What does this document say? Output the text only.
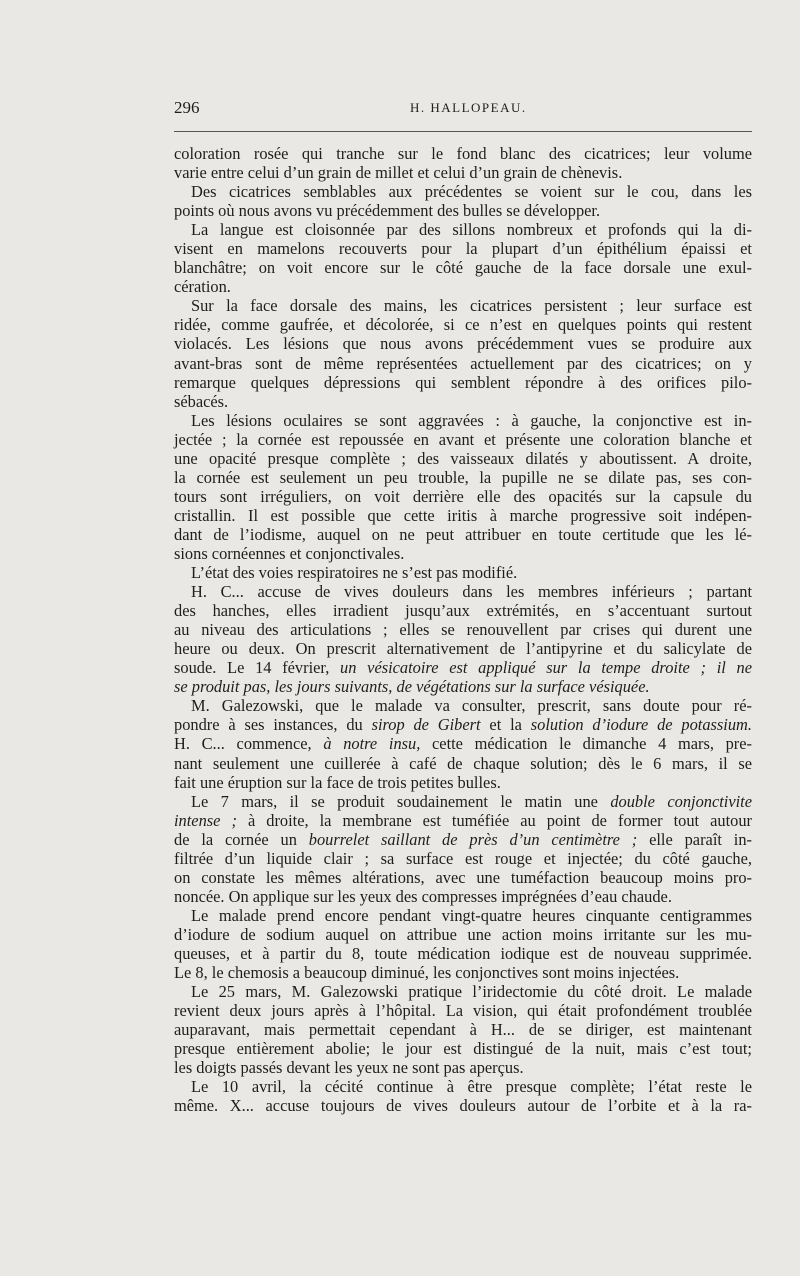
296	H. HALLOPEAU.
coloration rosée qui tranche sur le fond blanc des cicatrices; leur volume
varie entre celui d’un grain de millet et celui d’un grain de chènevis.
Des cicatrices semblables aux précédentes se voient sur le cou, dans les
points où nous avons vu précédemment des bulles se développer.
La langue est cloisonnée par des sillons nombreux et profonds qui la di-
visent en mamelons recouverts pour la plupart d’un épithélium épaissi et
blanchâtre; on voit encore sur le côté gauche de la face dorsale une exul-
cération.
Sur la face dorsale des mains, les cicatrices persistent ; leur surface est
ridée, comme gaufrée, et décolorée, si ce n’est en quelques points qui restent
violacés. Les lésions que nous avons précédemment vues se produire aux
avant-bras sont de même représentées actuellement par des cicatrices; on y
remarque quelques dépressions qui semblent répondre à des orifices pilo-
sébacés.
Les lésions oculaires se sont aggravées : à gauche, la conjonctive est in-
jectée ; la cornée est repoussée en avant et présente une coloration blanche et
une opacité presque complète ; des vaisseaux dilatés y aboutissent. A droite,
la cornée est seulement un peu trouble, la pupille ne se dilate pas, ses con-
tours sont irréguliers, on voit derrière elle des opacités sur la capsule du
cristallin. Il est possible que cette iritis à marche progressive soit indépen-
dant de l’iodisme, auquel on ne peut attribuer en toute certitude que les lé-
sions cornéennes et conjonctivales.
L’état des voies respiratoires ne s’est pas modifié.
H. C... accuse de vives douleurs dans les membres inférieurs ; partant
des hanches, elles irradient jusqu’aux extrémités, en s’accentuant surtout
au niveau des articulations ; elles se renouvellent par crises qui durent une
heure ou deux. On prescrit alternativement de l’antipyrine et du salicylate de
soude. Le 14 février, un vésicatoire est appliqué sur la tempe droite ; il ne
se produit pas, les jours suivants, de végétations sur la surface vésiquée.
M. Galezowski, que le malade va consulter, prescrit, sans doute pour ré-
pondre à ses instances, du sirop de Gibert et la solution d’iodure de potassium.
H. C... commence, à notre insu, cette médication le dimanche 4 mars, pre-
nant seulement une cuillerée à café de chaque solution; dès le 6 mars, il se
fait une éruption sur la face de trois petites bulles.
Le 7 mars, il se produit soudainement le matin une double conjonctivite
intense ; à droite, la membrane est tuméfiée au point de former tout autour
de la cornée un bourrelet saillant de près d’un centimètre ; elle paraît in-
filtrée d’un liquide clair ; sa surface est rouge et injectée; du côté gauche,
on constate les mêmes altérations, avec une tuméfaction beaucoup moins pro-
noncée. On applique sur les yeux des compresses imprégnées d’eau chaude.
Le malade prend encore pendant vingt-quatre heures cinquante centigrammes
d’iodure de sodium auquel on attribue une action moins irritante sur les mu-
queuses, et à partir du 8, toute médication iodique est de nouveau supprimée.
Le 8, le chemosis a beaucoup diminué, les conjonctives sont moins injectées.
Le 25 mars, M. Galezowski pratique l’iridectomie du côté droit. Le malade
revient deux jours après à l’hôpital. La vision, qui était profondément troublée
auparavant, mais permettait cependant à H... de se diriger, est maintenant
presque entièrement abolie; le jour est distingué de la nuit, mais c’est tout;
les doigts passés devant les yeux ne sont pas aperçus.
Le 10 avril, la cécité continue à être presque complète; l’état reste le
même. X... accuse toujours de vives douleurs autour de l’orbite et à la ra-
